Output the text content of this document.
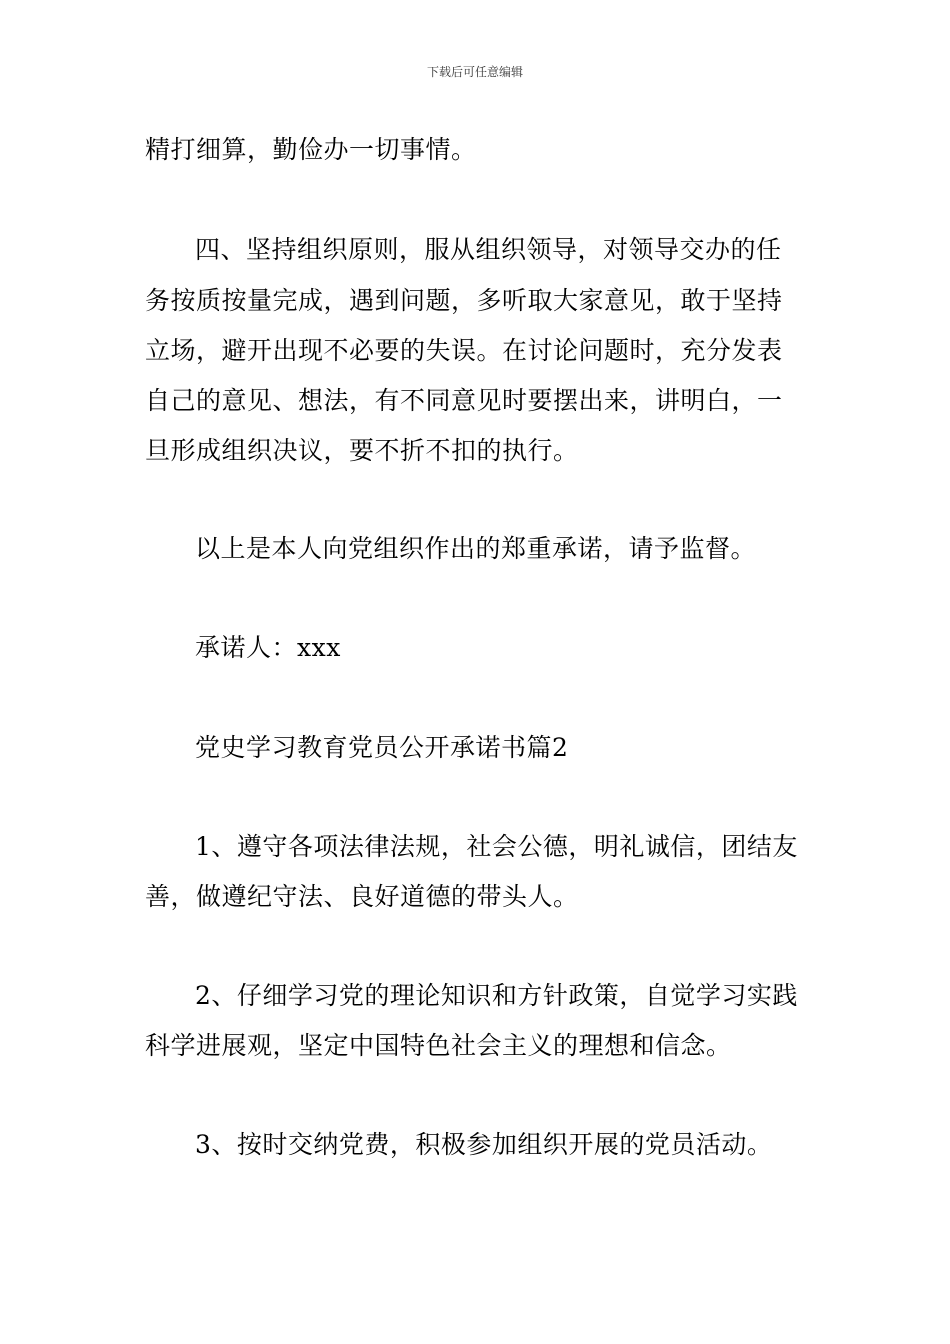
下载后可任意编辑
精打细算，勤俭办一切事情。
四、坚持组织原则，服从组织领导，对领导交办的任
务按质按量完成，遇到问题，多听取大家意见，敢于坚持
立场，避开出现不必要的失误。在讨论问题时，充分发表
自己的意见、想法，有不同意见时要摆出来，讲明白，一
旦形成组织决议，要不折不扣的执行。
以上是本人向党组织作出的郑重承诺，请予监督。
承诺人：xxx
党史学习教育党员公开承诺书篇2
1、遵守各项法律法规，社会公德，明礼诚信，团结友
善，做遵纪守法、良好道德的带头人。
2、仔细学习党的理论知识和方针政策，自觉学习实践
科学进展观，坚定中国特色社会主义的理想和信念。
3、按时交纳党费，积极参加组织开展的党员活动。
